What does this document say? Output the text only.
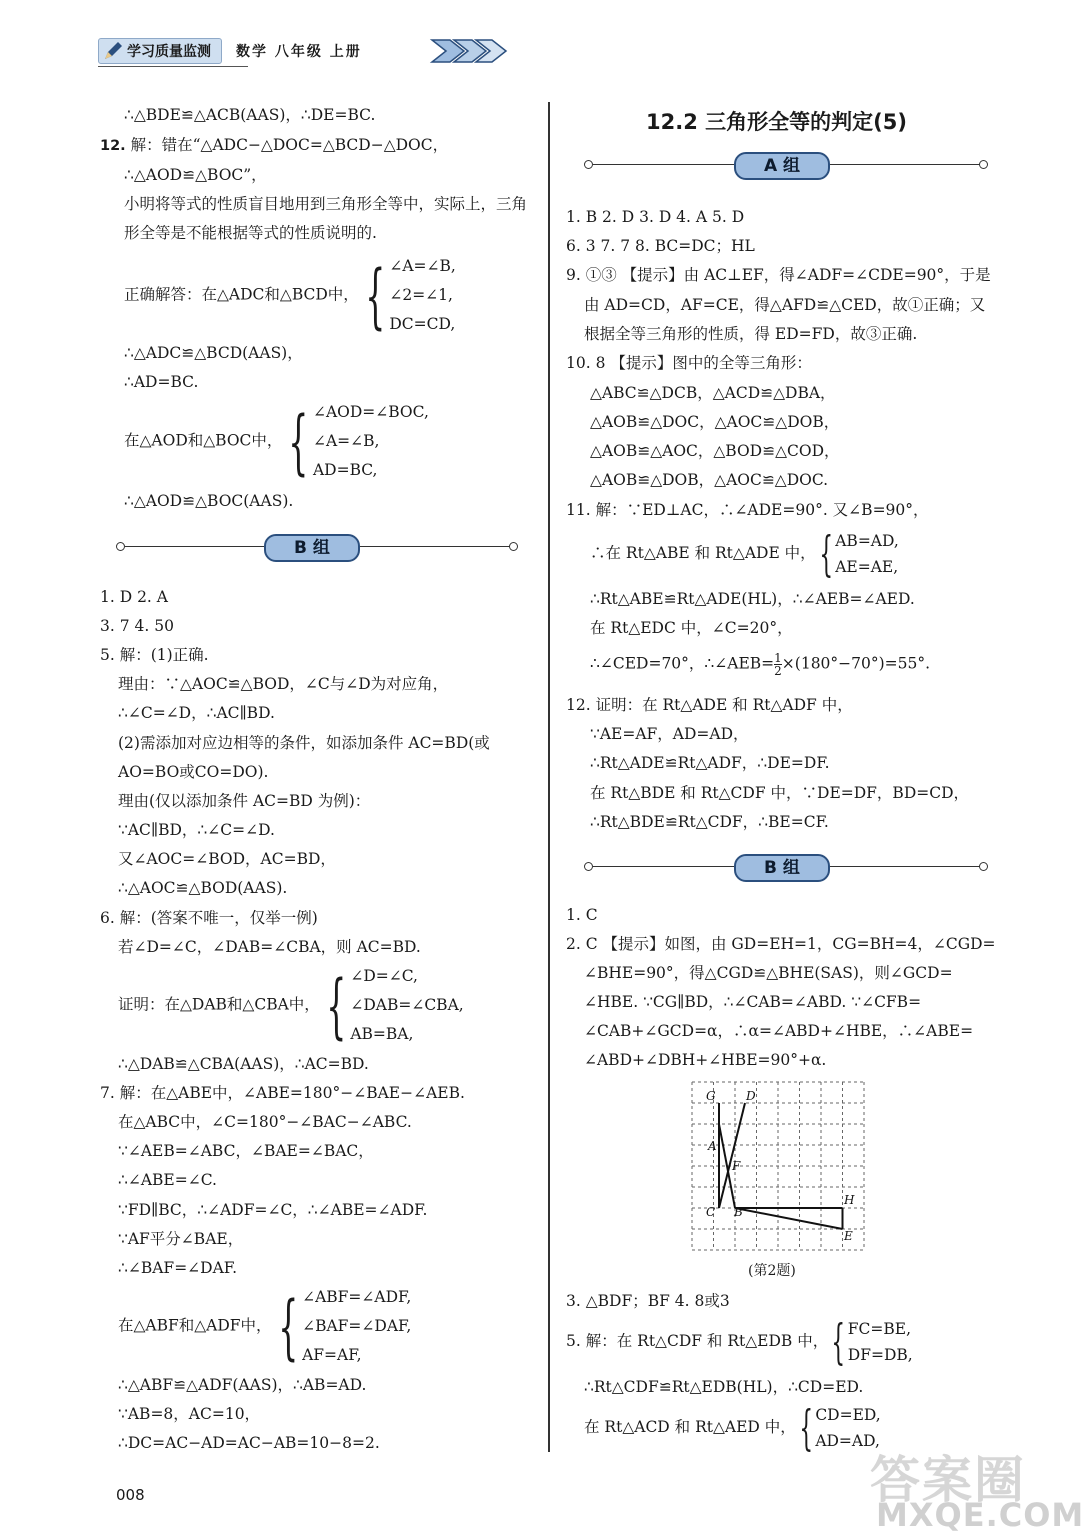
学习质量监测	数学 八年级 上册
∴△BDE≌△ACB(AAS)，∴DE=BC.
12. 解：错在“△ADC−△DOC=△BCD−△DOC，
∴△AOD≌△BOC”，
小明将等式的性质盲目地用到三角形全等中，实际上，三角
形全等是不能根据等式的性质说明的.
正确解答：在△ADC和△BCD中， { ∠A=∠B,
∠2=∠1,
DC=CD,
∴△ADC≌△BCD(AAS)，
∴AD=BC.
在△AOD和△BOC中， { ∠AOD=∠BOC,
∠A=∠B,
AD=BC,
∴△AOD≌△BOC(AAS).
B 组
1. D 2. A
3. 7 4. 50
5. 解：(1)正确.
理由：∵△AOC≌△BOD，∠C与∠D为对应角，
∴∠C=∠D，∴AC∥BD.
(2)需添加对应边相等的条件，如添加条件 AC=BD(或
AO=BO或CO=DO).
理由(仅以添加条件 AC=BD 为例)：
∵AC∥BD，∴∠C=∠D.
又∠AOC=∠BOD，AC=BD，
∴△AOC≌△BOD(AAS).
6. 解：(答案不唯一，仅举一例)
若∠D=∠C，∠DAB=∠CBA，则 AC=BD.
证明：在△DAB和△CBA中， { ∠D=∠C,
∠DAB=∠CBA,
AB=BA,
∴△DAB≌△CBA(AAS)，∴AC=BD.
7. 解：在△ABE中，∠ABE=180°−∠BAE−∠AEB.
在△ABC中，∠C=180°−∠BAC−∠ABC.
∵∠AEB=∠ABC，∠BAE=∠BAC，
∴∠ABE=∠C.
∵FD∥BC，∴∠ADF=∠C，∴∠ABE=∠ADF.
∵AF平分∠BAE，
∴∠BAF=∠DAF.
在△ABF和△ADF中， { ∠ABF=∠ADF,
∠BAF=∠DAF,
AF=AF,
∴△ABF≌△ADF(AAS)，∴AB=AD.
∵AB=8，AC=10，
∴DC=AC−AD=AC−AB=10−8=2.
12.2 三角形全等的判定(5)
A 组
1. B 2. D 3. D 4. A 5. D
6. 3 7. 7 8. BC=DC；HL
9. ①③ 【提示】由 AC⊥EF，得∠ADF=∠CDE=90°，于是
由 AD=CD，AF=CE，得△AFD≌△CED，故①正确；又
根据全等三角形的性质，得 ED=FD，故③正确.
10. 8 【提示】图中的全等三角形：
△ABC≌△DCB，△ACD≌△DBA，
△AOB≌△DOC，△AOC≌△DOB，
△AOB≌△AOC，△BOD≌△COD，
△AOB≌△DOB，△AOC≌△DOC.
11. 解：∵ED⊥AC，∴∠ADE=90°. 又∠B=90°，
∴在 Rt△ABE 和 Rt△ADE 中， { AB=AD,
AE=AE,
∴Rt△ABE≌Rt△ADE(HL)，∴∠AEB=∠AED.
在 Rt△EDC 中，∠C=20°，
∴∠CED=70°，∴∠AEB= $\frac{1}{2} \times(180^\circ-70^\circ)=55^\circ$.
12. 证明：在 Rt△ADE 和 Rt△ADF 中，
∵AE=AF，AD=AD，
∴Rt△ADE≌Rt△ADF，∴DE=DF.
在 Rt△BDE 和 Rt△CDF 中，∵DE=DF，BD=CD，
∴Rt△BDE≌Rt△CDF，∴BE=CF.
B 组
1. C
2. C 【提示】如图，由 GD=EH=1，CG=BH=4，∠CGD=
∠BHE=90°，得△CGD≌△BHE(SAS)，则∠GCD=
∠HBE. ∵CG∥BD，∴∠CAB=∠ABD. ∵∠CFB=
∠CAB+∠GCD=α，∴α=∠ABD+∠HBE，∴∠ABE=
∠ABD+∠DBH+∠HBE=90°+α.
G	D
A
F
C B
H
E
(第2题)
3. △BDF；BF 4. 8或3
5. 解：在 Rt△CDF 和 Rt△EDB 中， { FC=BE,
DF=DB,
∴Rt△CDF≌Rt△EDB(HL)，∴CD=ED.
在 Rt△ACD 和 Rt△AED 中， { CD=ED,
AD=AD,
008	答案圈
MXQE.COM
